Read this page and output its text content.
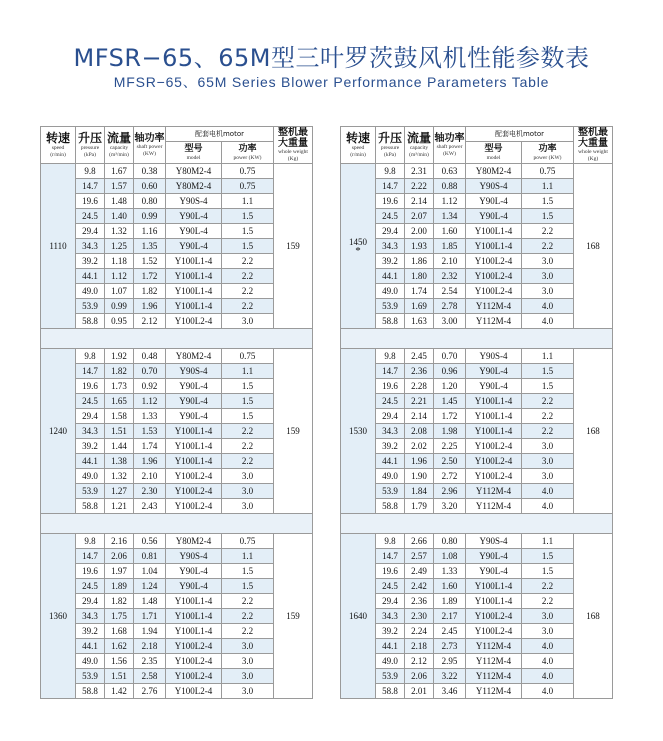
MFSR−65、65M型三叶罗茨鼓风机性能参数表
MFSR−65、65M Series Blower Performance Parameters Table
转速
speed
(r/min)	升压
pressure
(kPa)	流量
capacity
(m³/min)	轴功率
shaft power
(KW)	配套电机motor		整机最
大重量
whole weight
(Kg)

				型号
model	功率
power (KW)	

1110	9.8	1.67	0.38	Y80M2-4	0.75	159
	14.7	1.57	0.60	Y80M2-4	0.75	
	19.6	1.48	0.80	Y90S-4	1.1	
	24.5	1.40	0.99	Y90L-4	1.5	
	29.4	1.32	1.16	Y90L-4	1.5	
	34.3	1.25	1.35	Y90L-4	1.5	
	39.2	1.18	1.52	Y100L1-4	2.2	
	44.1	1.12	1.72	Y100L1-4	2.2	
	49.0	1.07	1.82	Y100L1-4	2.2	
	53.9	0.99	1.96	Y100L1-4	2.2	
	58.8	0.95	2.12	Y100L2-4	3.0	

1240	9.8	1.92	0.48	Y80M2-4	0.75	159
	14.7	1.82	0.70	Y90S-4	1.1	
	19.6	1.73	0.92	Y90L-4	1.5	
	24.5	1.65	1.12	Y90L-4	1.5	
	29.4	1.58	1.33	Y90L-4	1.5	
	34.3	1.51	1.53	Y100L1-4	2.2	
	39.2	1.44	1.74	Y100L1-4	2.2	
	44.1	1.38	1.96	Y100L1-4	2.2	
	49.0	1.32	2.10	Y100L2-4	3.0	
	53.9	1.27	2.30	Y100L2-4	3.0	
	58.8	1.21	2.43	Y100L2-4	3.0	

1360	9.8	2.16	0.56	Y80M2-4	0.75	159
	14.7	2.06	0.81	Y90S-4	1.1	
	19.6	1.97	1.04	Y90L-4	1.5	
	24.5	1.89	1.24	Y90L-4	1.5	
	29.4	1.82	1.48	Y100L1-4	2.2	
	34.3	1.75	1.71	Y100L1-4	2.2	
	39.2	1.68	1.94	Y100L1-4	2.2	
	44.1	1.62	2.18	Y100L2-4	3.0	
	49.0	1.56	2.35	Y100L2-4	3.0	
	53.9	1.51	2.58	Y100L2-4	3.0	
	58.8	1.42	2.76	Y100L2-4	3.0	
转速
speed
(r/min)	升压
pressure
(kPa)	流量
capacity
(m³/min)	轴功率
shaft power
(KW)	配套电机motor		整机最
大重量
whole weight
(Kg)

				型号
model	功率
power (KW)	

1450
*	9.8	2.31	0.63	Y80M2-4	0.75	168
	14.7	2.22	0.88	Y90S-4	1.1	
	19.6	2.14	1.12	Y90L-4	1.5	
	24.5	2.07	1.34	Y90L-4	1.5	
	29.4	2.00	1.60	Y100L1-4	2.2	
	34.3	1.93	1.85	Y100L1-4	2.2	
	39.2	1.86	2.10	Y100L2-4	3.0	
	44.1	1.80	2.32	Y100L2-4	3.0	
	49.0	1.74	2.54	Y100L2-4	3.0	
	53.9	1.69	2.78	Y112M-4	4.0	
	58.8	1.63	3.00	Y112M-4	4.0	

1530	9.8	2.45	0.70	Y90S-4	1.1	168
	14.7	2.36	0.96	Y90L-4	1.5	
	19.6	2.28	1.20	Y90L-4	1.5	
	24.5	2.21	1.45	Y100L1-4	2.2	
	29.4	2.14	1.72	Y100L1-4	2.2	
	34.3	2.08	1.98	Y100L1-4	2.2	
	39.2	2.02	2.25	Y100L2-4	3.0	
	44.1	1.96	2.50	Y100L2-4	3.0	
	49.0	1.90	2.72	Y100L2-4	3.0	
	53.9	1.84	2.96	Y112M-4	4.0	
	58.8	1.79	3.20	Y112M-4	4.0	

1640	9.8	2.66	0.80	Y90S-4	1.1	168
	14.7	2.57	1.08	Y90L-4	1.5	
	19.6	2.49	1.33	Y90L-4	1.5	
	24.5	2.42	1.60	Y100L1-4	2.2	
	29.4	2.36	1.89	Y100L1-4	2.2	
	34.3	2.30	2.17	Y100L2-4	3.0	
	39.2	2.24	2.45	Y100L2-4	3.0	
	44.1	2.18	2.73	Y112M-4	4.0	
	49.0	2.12	2.95	Y112M-4	4.0	
	53.9	2.06	3.22	Y112M-4	4.0	
	58.8	2.01	3.46	Y112M-4	4.0	
